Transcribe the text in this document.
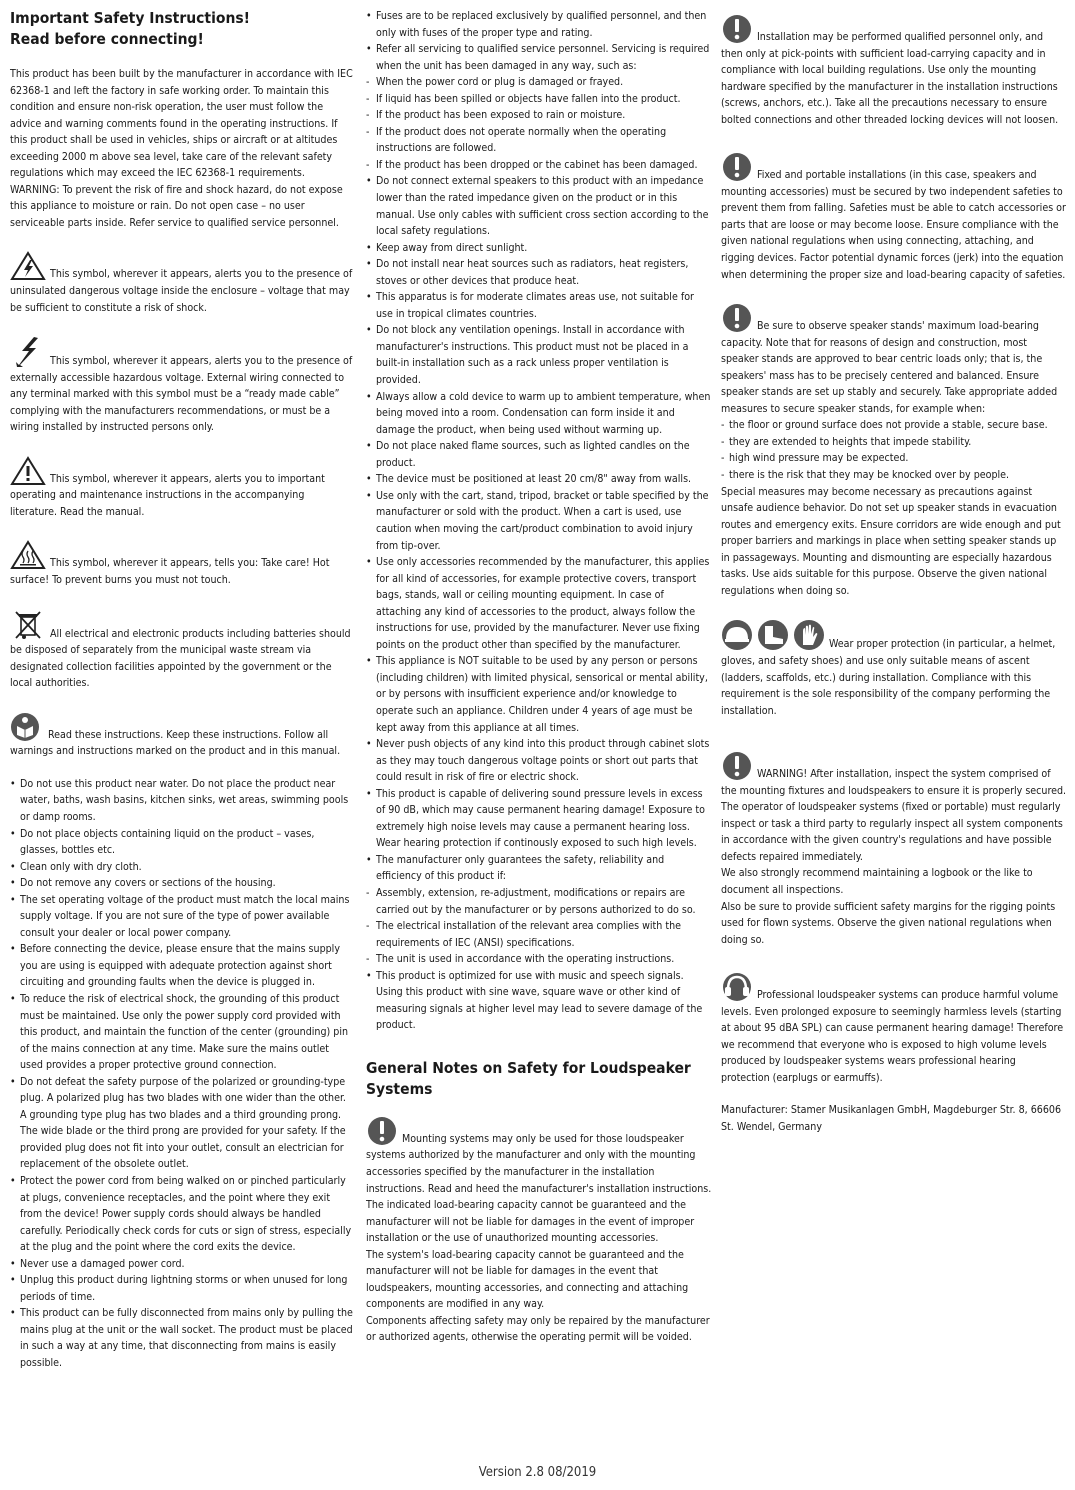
Important Safety Instructions!
Read before connecting!

This product has been built by the manufacturer in accordance with IEC 62368-1 and left the factory in safe working order. To maintain this condition and ensure non-risk operation, the user must follow the advice and warning comments found in the operating instructions. If this product shall be used in vehicles, ships or aircraft or at altitudes exceeding 2000 m above sea level, take care of the relevant safety regulations which may exceed the IEC 62368-1 requirements. WARNING: To prevent the risk of fire and shock hazard, do not expose this appliance to moisture or rain. Do not open case – no user serviceable parts inside. Refer service to qualified service personnel.

This symbol, wherever it appears, alerts you to the presence of uninsulated dangerous voltage inside the enclosure – voltage that may be sufficient to constitute a risk of shock.

This symbol, wherever it appears, alerts you to the presence of externally accessible hazardous voltage. External wiring connected to any terminal marked with this symbol must be a “ready made cable” complying with the manufacturers recommendations, or must be a wiring installed by instructed persons only.

This symbol, wherever it appears, alerts you to important operating and maintenance instructions in the accompanying literature. Read the manual.

This symbol, wherever it appears, tells you: Take care! Hot surface! To prevent burns you must not touch.

All electrical and electronic products including batteries should be disposed of separately from the municipal waste stream via designated collection facilities appointed by the government or the local authorities.

Read these instructions. Keep these instructions. Follow all warnings and instructions marked on the product and in this manual.

• Do not use this product near water. Do not place the product near water, baths, wash basins, kitchen sinks, wet areas, swimming pools or damp rooms.
• Do not place objects containing liquid on the product – vases, glasses, bottles etc.
• Clean only with dry cloth.
• Do not remove any covers or sections of the housing.
• The set operating voltage of the product must match the local mains supply voltage. If you are not sure of the type of power available consult your dealer or local power company.
• Before connecting the device, please ensure that the mains supply you are using is equipped with adequate protection against short circuiting and grounding faults when the device is plugged in.
• To reduce the risk of electrical shock, the grounding of this product must be maintained. Use only the power supply cord provided with this product, and maintain the function of the center (grounding) pin of the mains connection at any time. Make sure the mains outlet used provides a proper protective ground connection.
• Do not defeat the safety purpose of the polarized or grounding-type plug. A polarized plug has two blades with one wider than the other. A grounding type plug has two blades and a third grounding prong. The wide blade or the third prong are provided for your safety. If the provided plug does not fit into your outlet, consult an electrician for replacement of the obsolete outlet.
• Protect the power cord from being walked on or pinched particularly at plugs, convenience receptacles, and the point where they exit from the device! Power supply cords should always be handled carefully. Periodically check cords for cuts or sign of stress, especially at the plug and the point where the cord exits the device.
• Never use a damaged power cord.
• Unplug this product during lightning storms or when unused for long periods of time.
• This product can be fully disconnected from mains only by pulling the mains plug at the unit or the wall socket. The product must be placed in such a way at any time, that disconnecting from mains is easily possible.
• Fuses are to be replaced exclusively by qualified personnel, and then only with fuses of the proper type and rating.
• Refer all servicing to qualified service personnel. Servicing is required when the unit has been damaged in any way, such as:
- When the power cord or plug is damaged or frayed.
- If liquid has been spilled or objects have fallen into the product.
- If the product has been exposed to rain or moisture.
- If the product does not operate normally when the operating instructions are followed.
- If the product has been dropped or the cabinet has been damaged.
• Do not connect external speakers to this product with an impedance lower than the rated impedance given on the product or in this manual. Use only cables with sufficient cross section according to the local safety regulations.
• Keep away from direct sunlight.
• Do not install near heat sources such as radiators, heat registers, stoves or other devices that produce heat.
• This apparatus is for moderate climates areas use, not suitable for use in tropical climates countries.
• Do not block any ventilation openings. Install in accordance with manufacturer's instructions. This product must not be placed in a built-in installation such as a rack unless proper ventilation is provided.
• Always allow a cold device to warm up to ambient temperature, when being moved into a room. Condensation can form inside it and damage the product, when being used without warming up.
• Do not place naked flame sources, such as lighted candles on the product.
• The device must be positioned at least 20 cm/8" away from walls.
• Use only with the cart, stand, tripod, bracket or table specified by the manufacturer or sold with the product. When a cart is used, use caution when moving the cart/product combination to avoid injury from tip-over.
• Use only accessories recommended by the manufacturer, this applies for all kind of accessories, for example protective covers, transport bags, stands, wall or ceiling mounting equipment. In case of attaching any kind of accessories to the product, always follow the instructions for use, provided by the manufacturer. Never use fixing points on the product other than specified by the manufacturer.
• This appliance is NOT suitable to be used by any person or persons (including children) with limited physical, sensorical or mental ability, or by persons with insufficient experience and/or knowledge to operate such an appliance. Children under 4 years of age must be kept away from this appliance at all times.
• Never push objects of any kind into this product through cabinet slots as they may touch dangerous voltage points or short out parts that could result in risk of fire or electric shock.
• This product is capable of delivering sound pressure levels in excess of 90 dB, which may cause permanent hearing damage! Exposure to extremely high noise levels may cause a permanent hearing loss. Wear hearing protection if continously exposed to such high levels.
• The manufacturer only guarantees the safety, reliability and efficiency of this product if:
- Assembly, extension, re-adjustment, modifications or repairs are carried out by the manufacturer or by persons authorized to do so.
- The electrical installation of the relevant area complies with the requirements of IEC (ANSI) specifications.
- The unit is used in accordance with the operating instructions.
• This product is optimized for use with music and speech signals. Using this product with sine wave, square wave or other kind of measuring signals at higher level may lead to severe damage of the product.
General Notes on Safety for Loudspeaker Systems

Mounting systems may only be used for those loudspeaker systems authorized by the manufacturer and only with the mounting accessories specified by the manufacturer in the installation instructions. Read and heed the manufacturer's installation instructions. The indicated load-bearing capacity cannot be guaranteed and the manufacturer will not be liable for damages in the event of improper installation or the use of unauthorized mounting accessories.

The system's load-bearing capacity cannot be guaranteed and the manufacturer will not be liable for damages in the event that loudspeakers, mounting accessories, and connecting and attaching components are modified in any way.

Components affecting safety may only be repaired by the manufacturer or authorized agents, otherwise the operating permit will be voided.

Installation may be performed qualified personnel only, and then only at pick-points with sufficient load-carrying capacity and in compliance with local building regulations. Use only the mounting hardware specified by the manufacturer in the installation instructions (screws, anchors, etc.). Take all the precautions necessary to ensure bolted connections and other threaded locking devices will not loosen.

Fixed and portable installations (in this case, speakers and mounting accessories) must be secured by two independent safeties to prevent them from falling. Safeties must be able to catch accessories or parts that are loose or may become loose. Ensure compliance with the given national regulations when using connecting, attaching, and rigging devices. Factor potential dynamic forces (jerk) into the equation when determining the proper size and load-bearing capacity of safeties.

Be sure to observe speaker stands' maximum load-bearing capacity. Note that for reasons of design and construction, most speaker stands are approved to bear centric loads only; that is, the speakers' mass has to be precisely centered and balanced. Ensure speaker stands are set up stably and securely. Take appropriate added measures to secure speaker stands, for example when:

- the floor or ground surface does not provide a stable, secure base.
- they are extended to heights that impede stability.
- high wind pressure may be expected.
- there is the risk that they may be knocked over by people.

Special measures may become necessary as precautions against unsafe audience behavior. Do not set up speaker stands in evacuation routes and emergency exits. Ensure corridors are wide enough and put proper barriers and markings in place when setting speaker stands up in passageways. Mounting and dismounting are especially hazardous tasks. Use aids suitable for this purpose. Observe the given national regulations when doing so.

Wear proper protection (in particular, a helmet, gloves, and safety shoes) and use only suitable means of ascent (ladders, scaffolds, etc.) during installation. Compliance with this requirement is the sole responsibility of the company performing the installation.

WARNING! After installation, inspect the system comprised of the mounting fixtures and loudspeakers to ensure it is properly secured.

The operator of loudspeaker systems (fixed or portable) must regularly inspect or task a third party to regularly inspect all system components in accordance with the given country's regulations and have possible defects repaired immediately.

We also strongly recommend maintaining a logbook or the like to document all inspections.

Also be sure to provide sufficient safety margins for the rigging points used for flown systems. Observe the given national regulations when doing so.

Professional loudspeaker systems can produce harmful volume levels. Even prolonged exposure to seemingly harmless levels (starting at about 95 dBA SPL) can cause permanent hearing damage! Therefore we recommend that everyone who is exposed to high volume levels produced by loudspeaker systems wears professional hearing protection (earplugs or earmuffs).

Manufacturer: Stamer Musikanlagen GmbH, Magdeburger Str. 8, 66606 St. Wendel, Germany

Version 2.8 08/2019
